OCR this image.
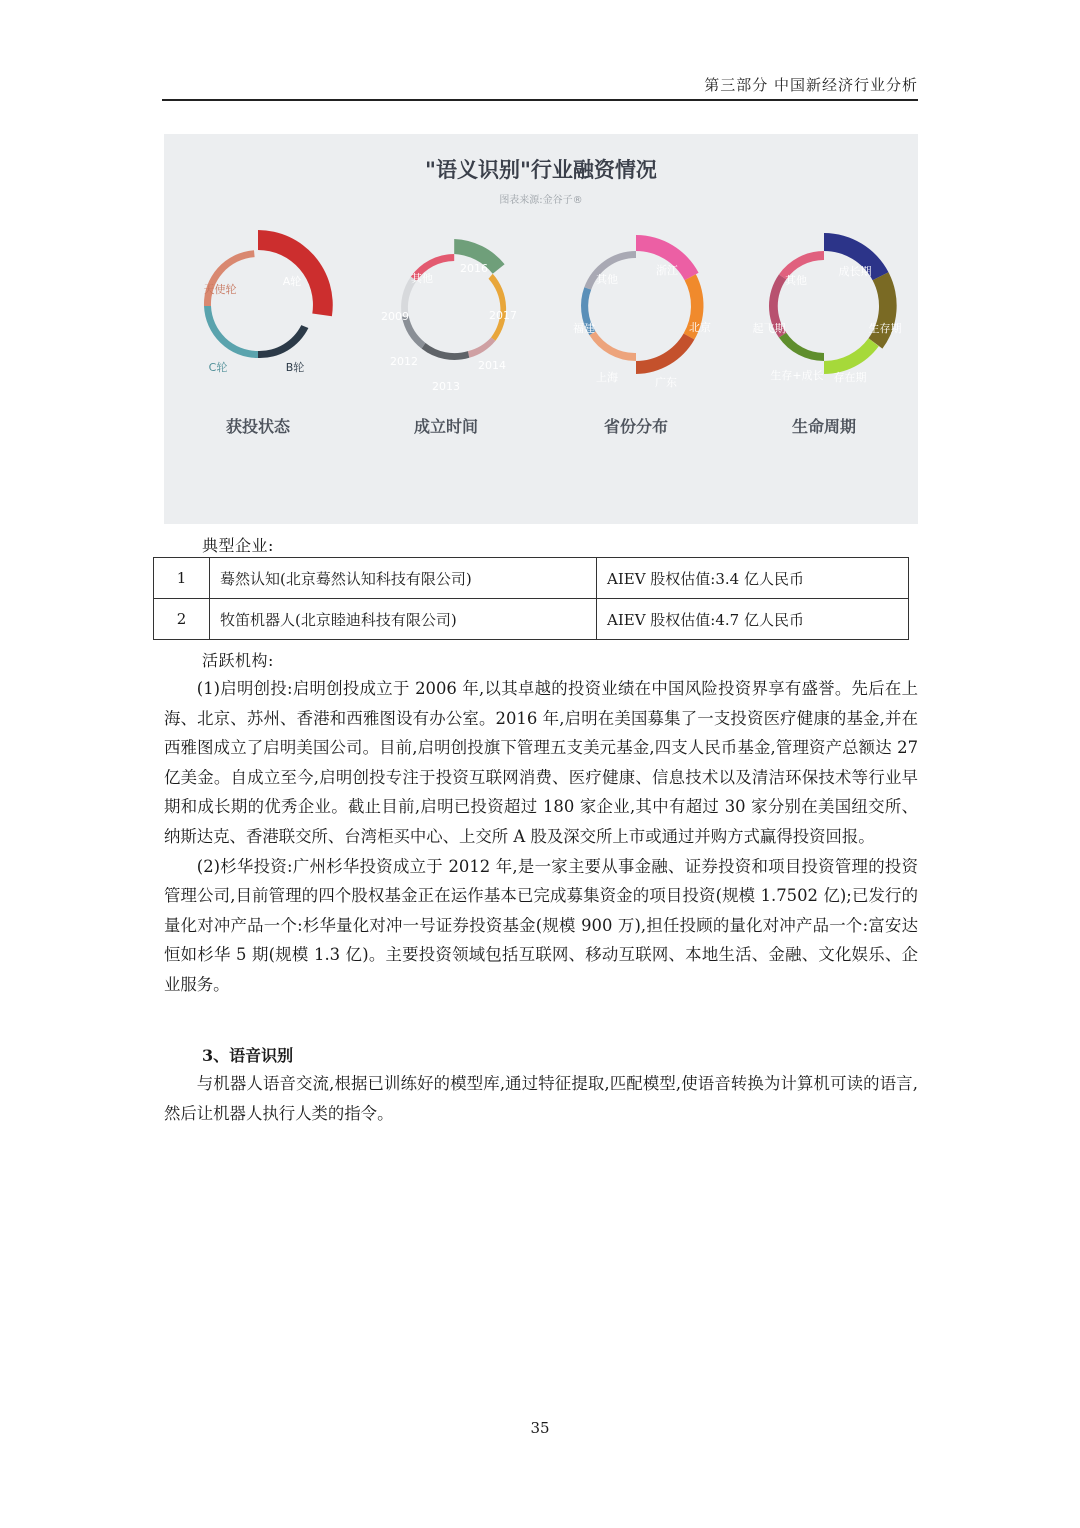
第三部分 中国新经济行业分析
A轮
B轮
C轮
天使轮
获投状态
2016
2017
2014
2013
2012
2009
其他
成立时间
浙江
北京
广东
上海
福建
其他
省份分布
成长期
生存期
存在期
生存+成长
起飞期
其他
生命周期
"语义识别"行业融资情况
图表来源:金谷子®
典型企业:
1	蓦然认知(北京蓦然认知科技有限公司)	AIEV 股权估值:3.4 亿人民币
2	牧笛机器人(北京睦迪科技有限公司)	AIEV 股权估值:4.7 亿人民币
活跃机构:

(1)启明创投:启明创投成立于 2006 年,以其卓越的投资业绩在中国风险投资界享有盛誉。先后在上海、北京、苏州、香港和西雅图设有办公室。2016 年,启明在美国募集了一支投资医疗健康的基金,并在西雅图成立了启明美国公司。目前,启明创投旗下管理五支美元基金,四支人民币基金,管理资产总额达 27 亿美金。自成立至今,启明创投专注于投资互联网消费、医疗健康、信息技术以及清洁环保技术等行业早期和成长期的优秀企业。截止目前,启明已投资超过 180 家企业,其中有超过 30 家分别在美国纽交所、纳斯达克、香港联交所、台湾柜买中心、上交所 A 股及深交所上市或通过并购方式赢得投资回报。

(2)杉华投资:广州杉华投资成立于 2012 年,是一家主要从事金融、证券投资和项目投资管理的投资管理公司,目前管理的四个股权基金正在运作基本已完成募集资金的项目投资(规模 1.7502 亿);已发行的量化对冲产品一个:杉华量化对冲一号证券投资基金(规模 900 万),担任投顾的量化对冲产品一个:富安达恒如杉华 5 期(规模 1.3 亿)。主要投资领域包括互联网、移动互联网、本地生活、金融、文化娱乐、企业服务。

3、语音识别

与机器人语音交流,根据已训练好的模型库,通过特征提取,匹配模型,使语音转换为计算机可读的语言,然后让机器人执行人类的指令。

35
